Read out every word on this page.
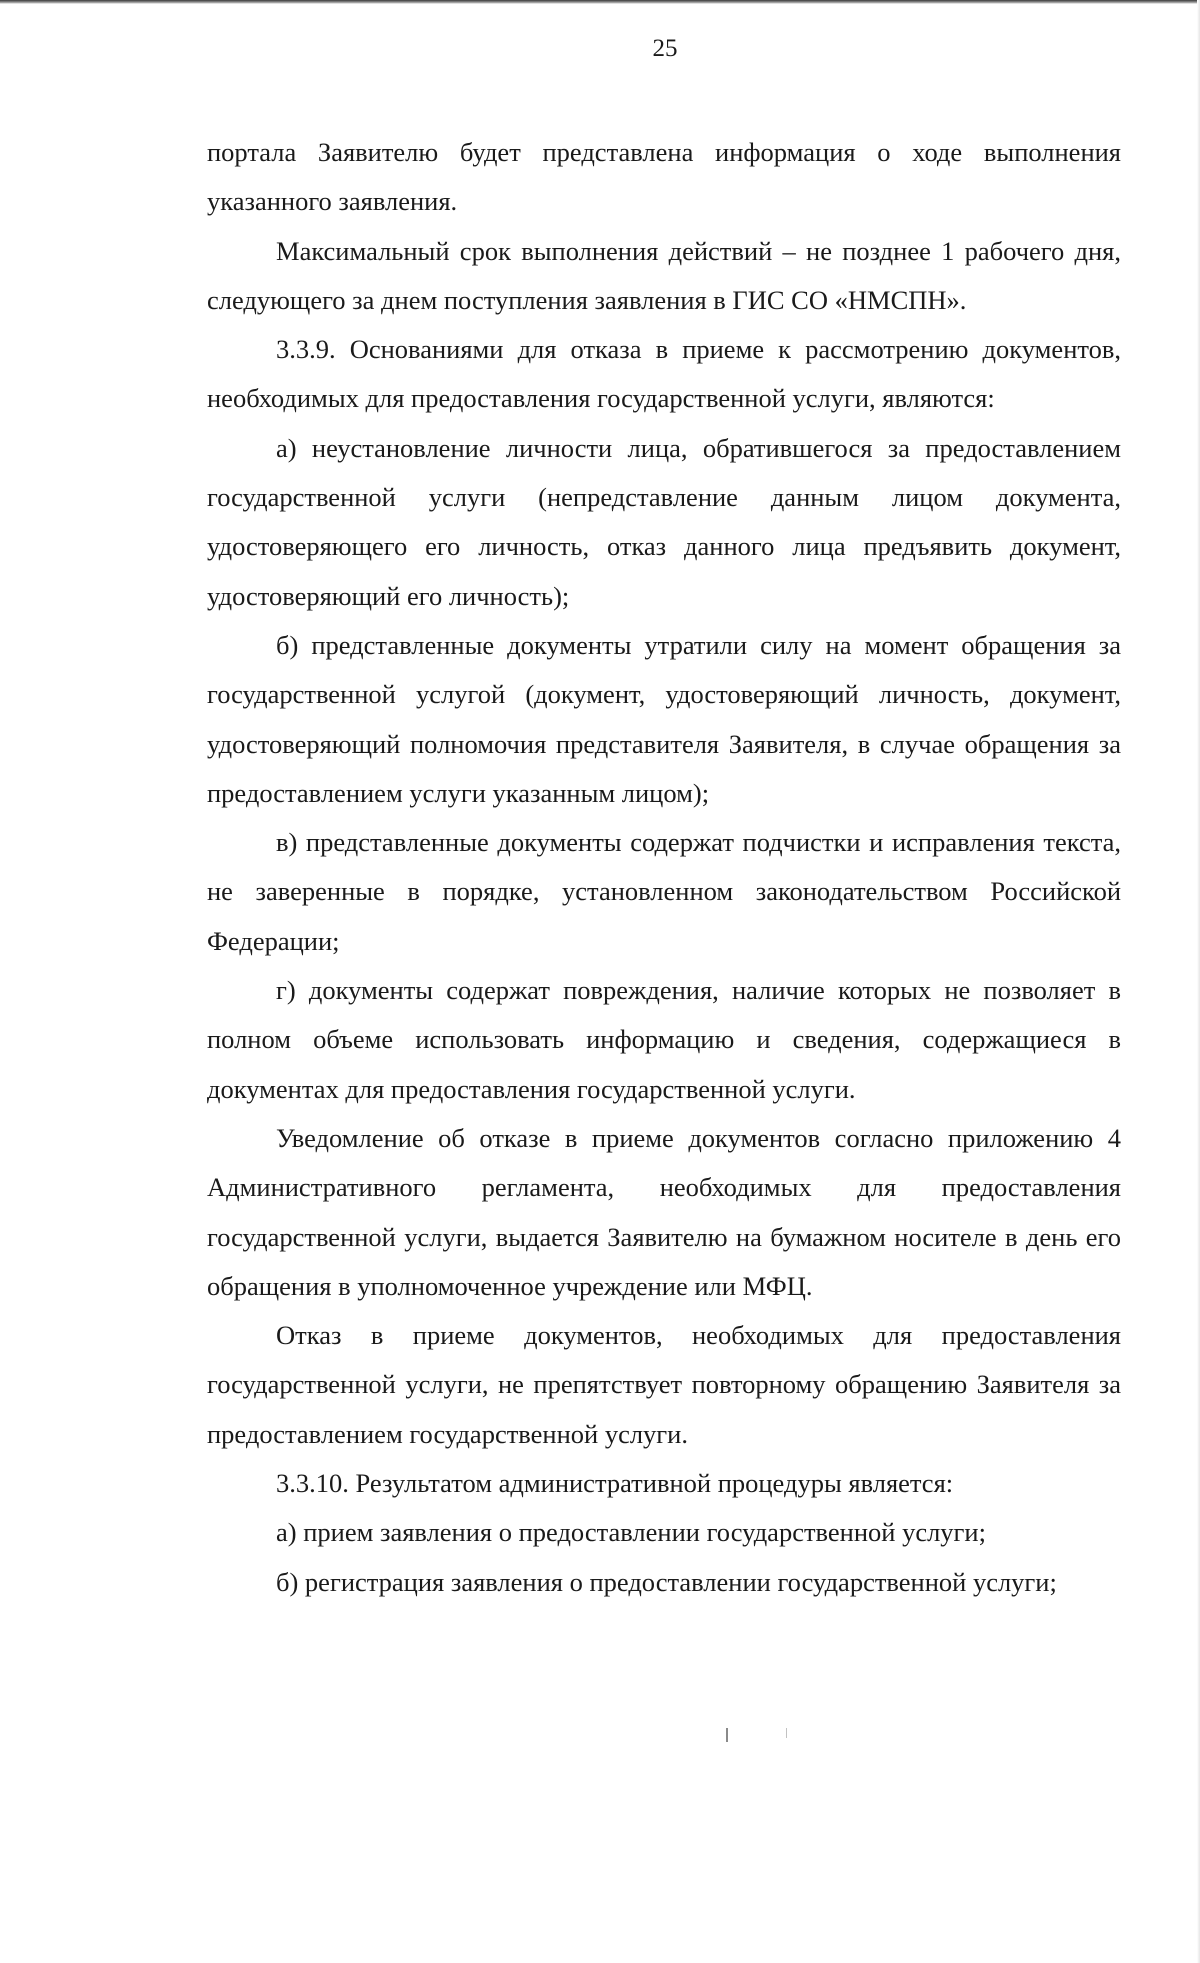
25

портала Заявителю будет представлена информация о ходе выполнения указанного заявления.

Максимальный срок выполнения действий – не позднее 1 рабочего дня, следующего за днем поступления заявления в ГИС СО «НМСПН».

3.3.9. Основаниями для отказа в приеме к рассмотрению документов, необходимых для предоставления государственной услуги, являются:

а) неустановление личности лица, обратившегося за предоставлением государственной услуги (непредставление данным лицом документа, удостоверяющего его личность, отказ данного лица предъявить документ, удостоверяющий его личность);

б) представленные документы утратили силу на момент обращения за государственной услугой (документ, удостоверяющий личность, документ, удостоверяющий полномочия представителя Заявителя, в случае обращения за предоставлением услуги указанным лицом);

в) представленные документы содержат подчистки и исправления текста, не заверенные в порядке, установленном законодательством Российской Федерации;

г) документы содержат повреждения, наличие которых не позволяет в полном объеме использовать информацию и сведения, содержащиеся в документах для предоставления государственной услуги.

Уведомление об отказе в приеме документов согласно приложению 4 Административного регламента, необходимых для предоставления государственной услуги, выдается Заявителю на бумажном носителе в день его обращения в уполномоченное учреждение или МФЦ.

Отказ в приеме документов, необходимых для предоставления государственной услуги, не препятствует повторному обращению Заявителя за предоставлением государственной услуги.

3.3.10. Результатом административной процедуры является:

а) прием заявления о предоставлении государственной услуги;

б) регистрация заявления о предоставлении государственной услуги;
